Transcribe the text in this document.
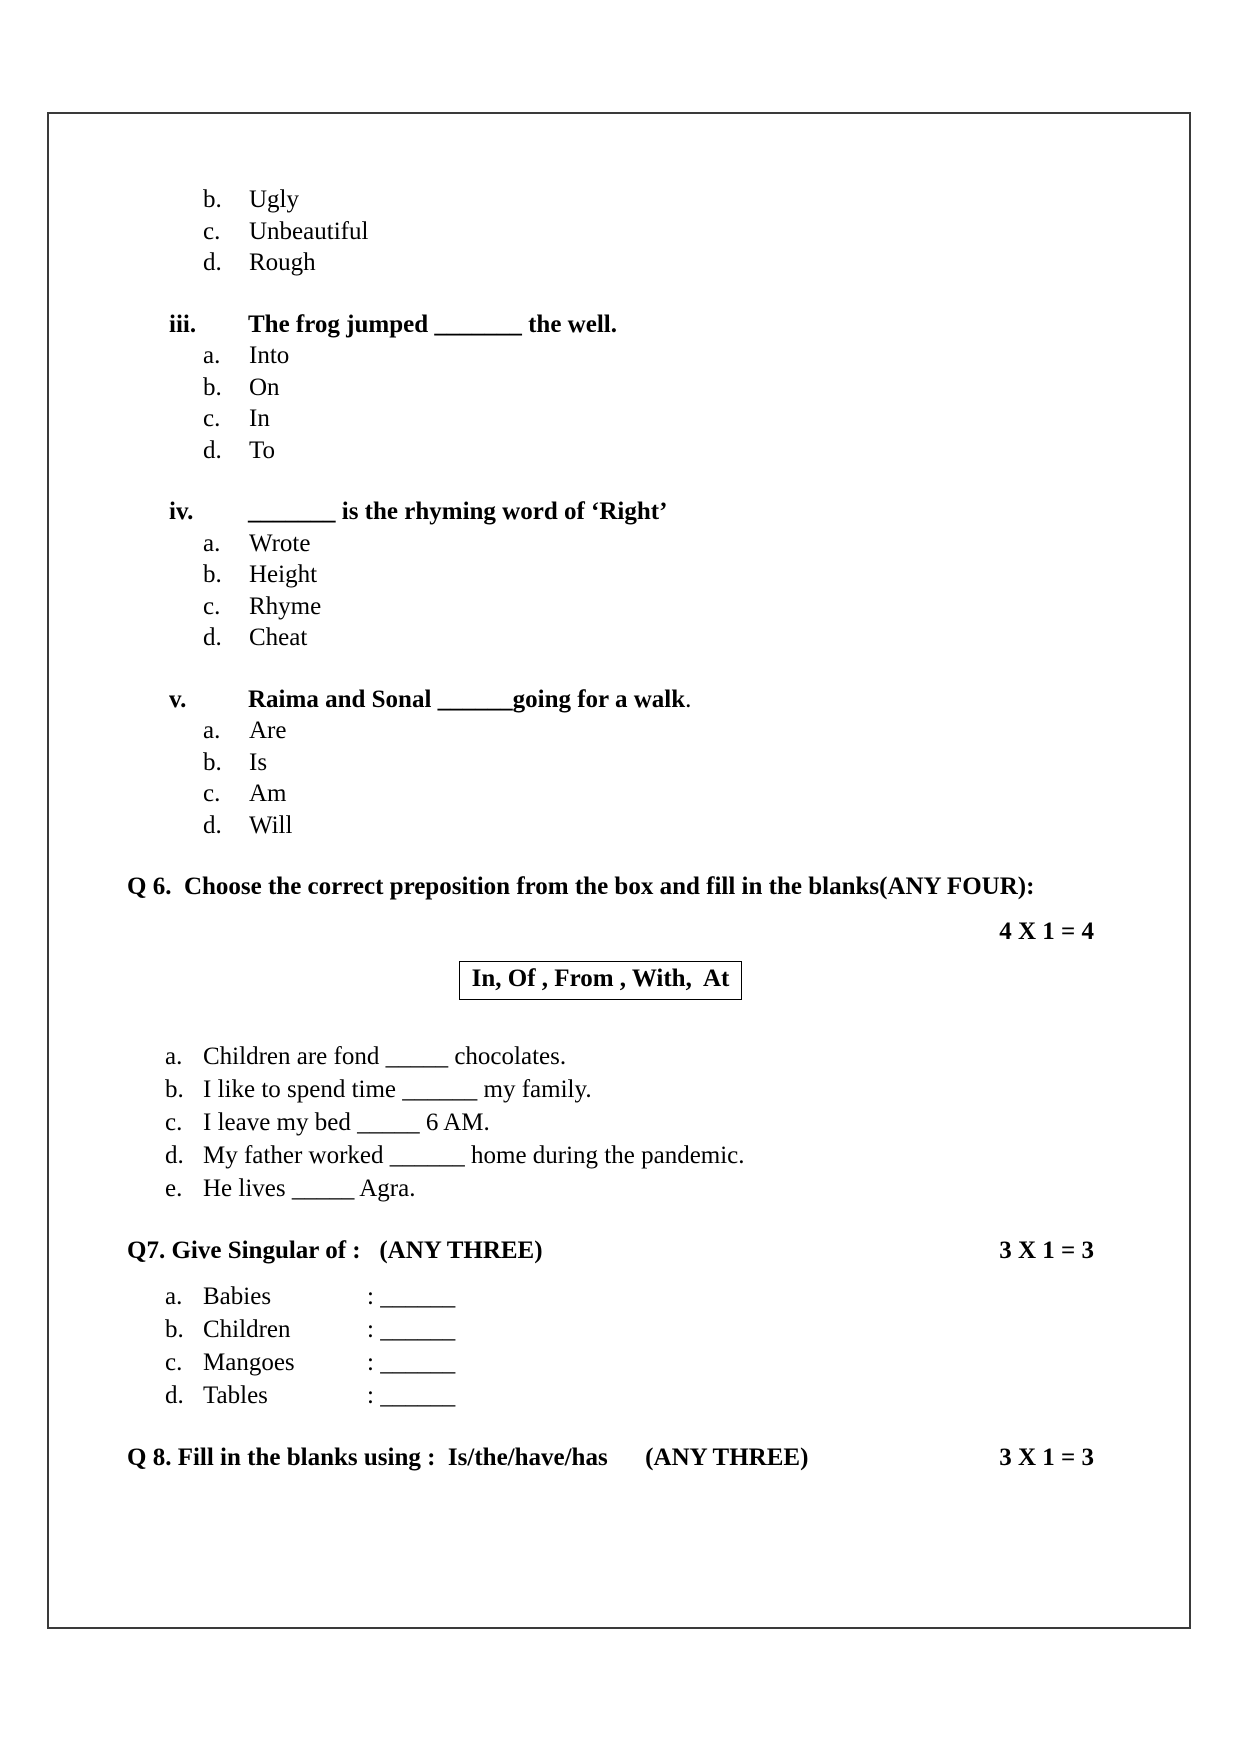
b.	Ugly
c.	Unbeautiful
d.	Rough
iii.	The frog jumped _______ the well.
a.	Into
b.	On
c.	In
d.	To
iv.	_______ is the rhyming word of ‘Right’
a.	Wrote
b.	Height
c.	Rhyme
d.	Cheat
v.	Raima and Sonal ______going for a walk .
a.	Are
b.	Is
c.	Am
d.	Will
Q 6.
Choose the correct preposition from the box and fill in the blanks(ANY FOUR):
4 X 1 = 4
In, Of , From , With,  At
a. Children are fond _____ chocolates.
b. I like to spend time ______ my family.
c. I leave my bed _____ 6 AM.
d. My father worked ______ home during the pandemic.
e. He lives _____ Agra.
Q7.
Give Singular of :   (ANY THREE)	3 X 1 = 3
a. Babies	:
______
b. Children	:
______
c. Mangoes	:
______
d. Tables	:
______
Q 8.
Fill in the blanks using :  Is/the/have/has      (ANY THREE)	3 X 1 = 3
